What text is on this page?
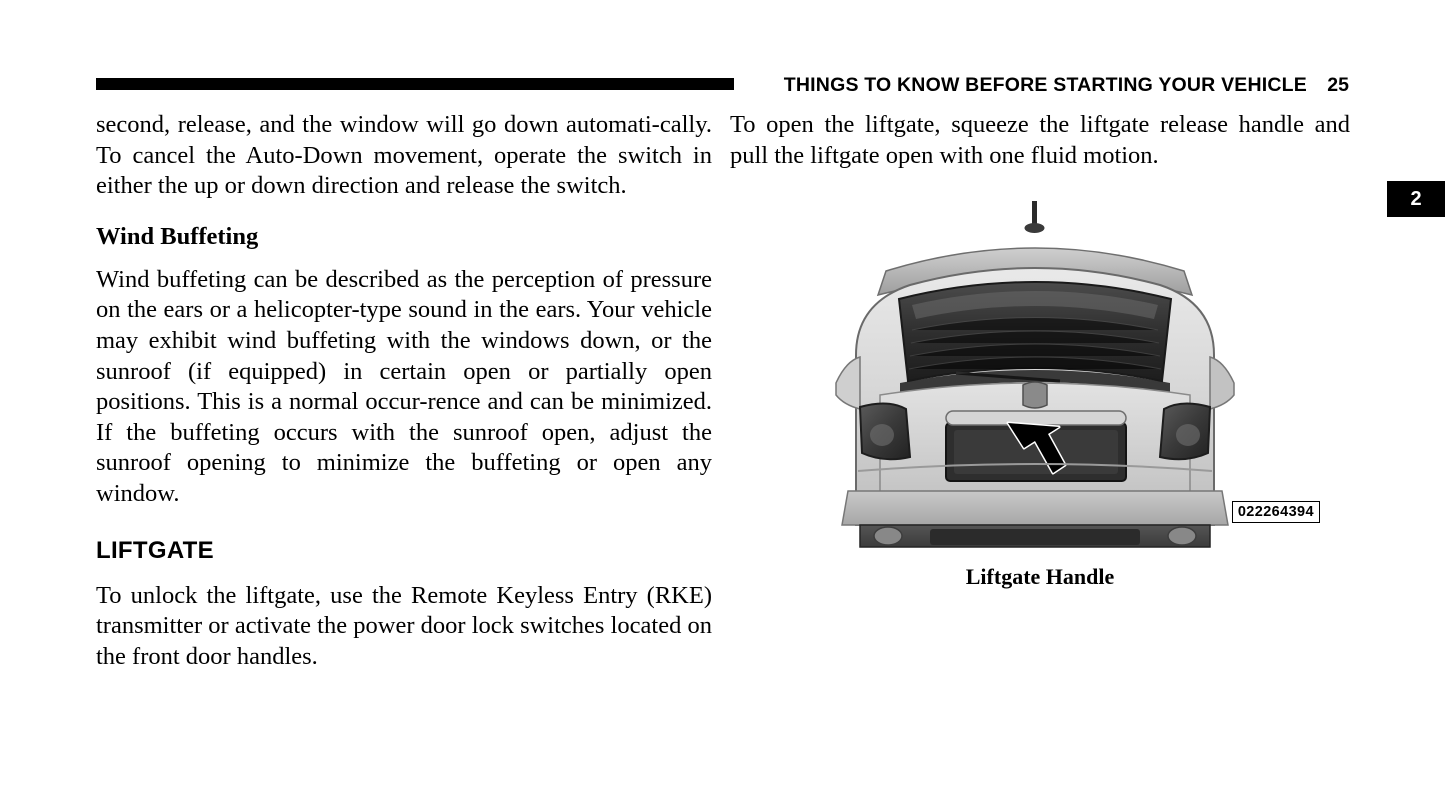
THINGS TO KNOW BEFORE STARTING YOUR VEHICLE 25
2

second, release, and the window will go down automati-cally. To cancel the Auto-Down movement, operate the switch in either the up or down direction and release the switch.

Wind Buffeting

Wind buffeting can be described as the perception of pressure on the ears or a helicopter-type sound in the ears. Your vehicle may exhibit wind buffeting with the windows down, or the sunroof (if equipped) in certain open or partially open positions. This is a normal occur-rence and can be minimized. If the buffeting occurs with the sunroof open, adjust the sunroof opening to minimize the buffeting or open any window.

LIFTGATE

To unlock the liftgate, use the Remote Keyless Entry (RKE) transmitter or activate the power door lock switches located on the front door handles.

To open the liftgate, squeeze the liftgate release handle and pull the liftgate open with one fluid motion.

022264394
Liftgate Handle
